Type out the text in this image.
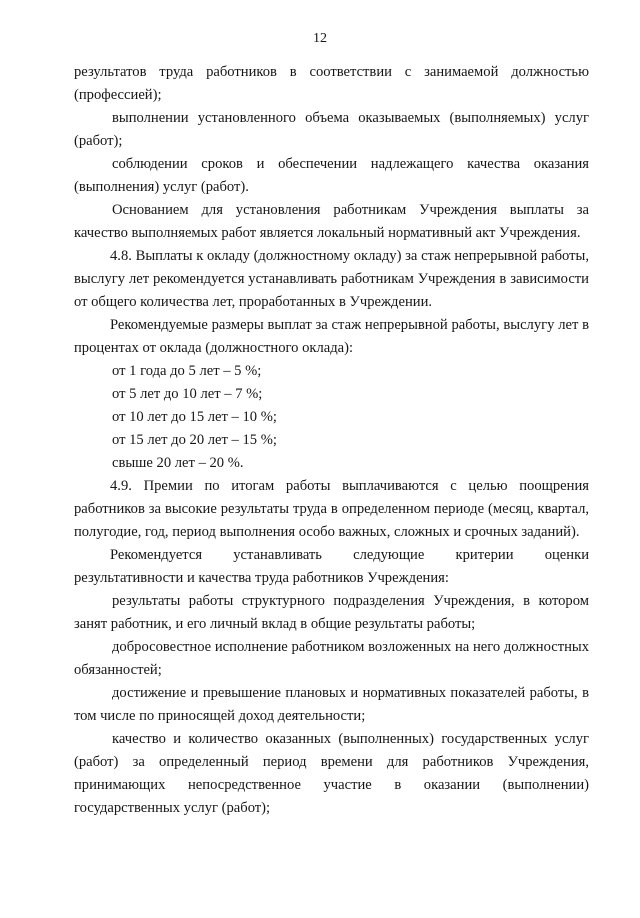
12

результатов труда работников в соответствии с занимаемой должностью (профессией);

выполнении установленного объема оказываемых (выполняемых) услуг (работ);

соблюдении сроков и обеспечении надлежащего качества оказания (выполнения) услуг (работ).

Основанием для установления работникам Учреждения выплаты за качество выполняемых работ является локальный нормативный акт Учреждения.

4.8. Выплаты к окладу (должностному окладу) за стаж непрерывной работы, выслугу лет рекомендуется устанавливать работникам Учреждения в зависимости от общего количества лет, проработанных в Учреждении.

Рекомендуемые размеры выплат за стаж непрерывной работы, выслугу лет в процентах от оклада (должностного оклада):

от 1 года до 5 лет – 5 %;

от 5 лет до 10 лет – 7 %;

от 10 лет до 15 лет – 10 %;

от 15 лет до 20 лет – 15 %;

свыше 20 лет – 20 %.

4.9. Премии по итогам работы выплачиваются с целью поощрения работников за высокие результаты труда в определенном периоде (месяц, квартал, полугодие, год, период выполнения особо важных, сложных и срочных заданий).

Рекомендуется устанавливать следующие критерии оценки результативности и качества труда работников Учреждения:

результаты работы структурного подразделения Учреждения, в котором занят работник, и его личный вклад в общие результаты работы;

добросовестное исполнение работником возложенных на него должностных обязанностей;

достижение и превышение плановых и нормативных показателей работы, в том числе по приносящей доход деятельности;

качество и количество оказанных (выполненных) государственных услуг (работ) за определенный период времени для работников Учреждения, принимающих непосредственное участие в оказании (выполнении) государственных услуг (работ);
